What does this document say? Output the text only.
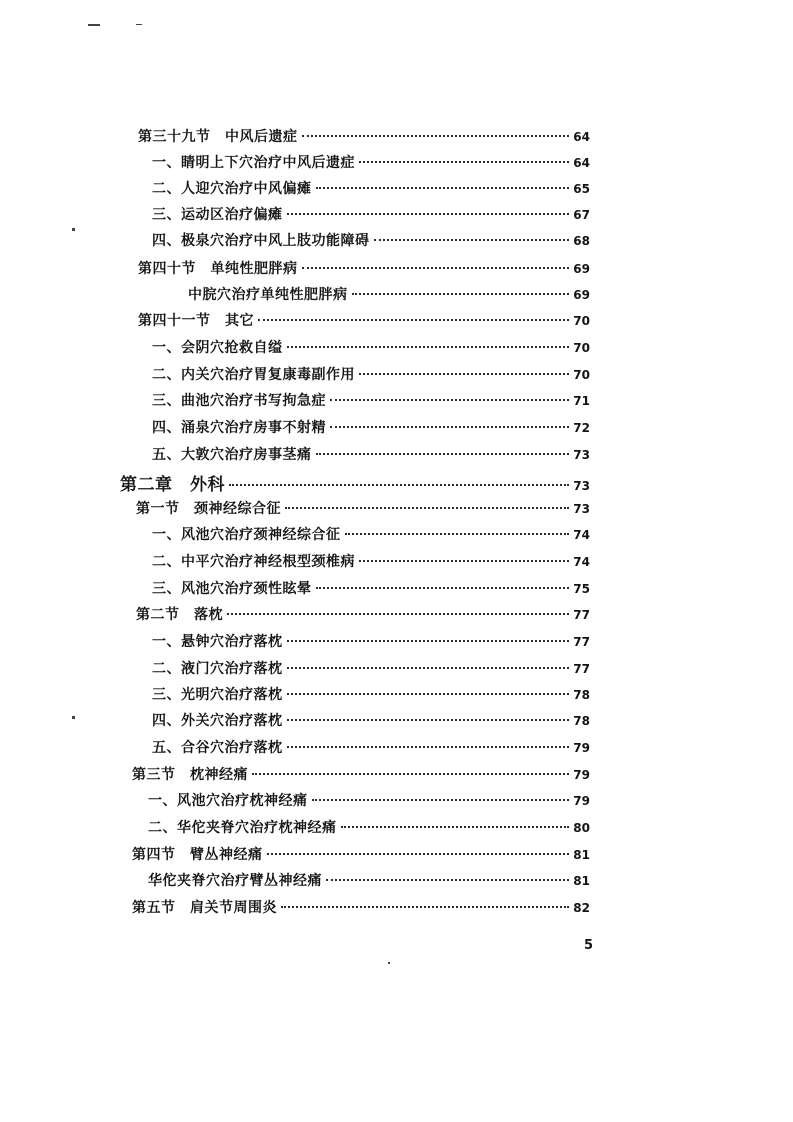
第三十九节　中风后遗症	64
一、睛明上下穴治疗中风后遗症	64
二、人迎穴治疗中风偏瘫	65
三、运动区治疗偏瘫	67
四、极泉穴治疗中风上肢功能障碍	68
第四十节　单纯性肥胖病	69
中脘穴治疗单纯性肥胖病	69
第四十一节　其它	70
一、会阴穴抢救自缢	70
二、内关穴治疗胃复康毒副作用	70
三、曲池穴治疗书写拘急症	71
四、涌泉穴治疗房事不射精	72
五、大敦穴治疗房事茎痛	73
第二章　外科	73
第一节　颈神经综合征	73
一、风池穴治疗颈神经综合征	74
二、中平穴治疗神经根型颈椎病	74
三、风池穴治疗颈性眩晕	75
第二节　落枕	77
一、悬钟穴治疗落枕	77
二、液门穴治疗落枕	77
三、光明穴治疗落枕	78
四、外关穴治疗落枕	78
五、合谷穴治疗落枕	79
第三节　枕神经痛	79
一、风池穴治疗枕神经痛	79
二、华佗夹脊穴治疗枕神经痛	80
第四节　臂丛神经痛	81
华佗夹脊穴治疗臂丛神经痛	81
第五节　肩关节周围炎	82
5
